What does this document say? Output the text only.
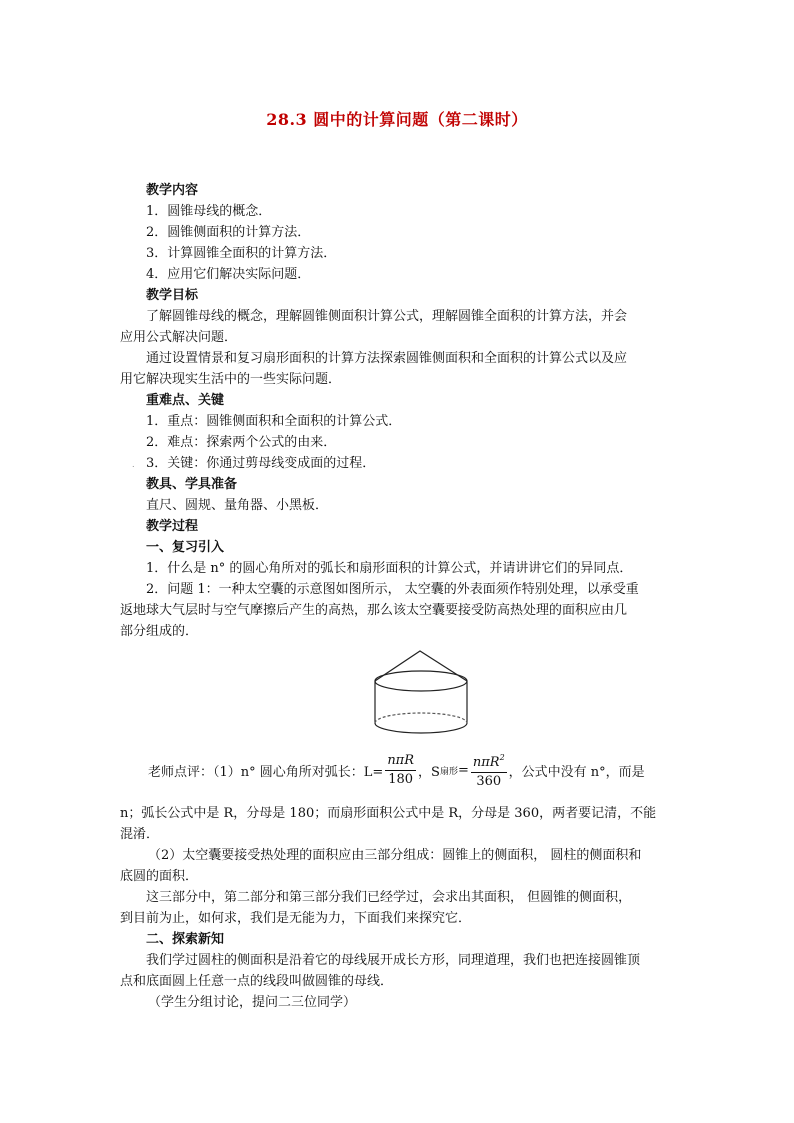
28.3 圆中的计算问题（第二课时）
教学内容
1．圆锥母线的概念．
2．圆锥侧面积的计算方法．
3．计算圆锥全面积的计算方法．
4．应用它们解决实际问题．
教学目标
了解圆锥母线的概念，理解圆锥侧面积计算公式，理解圆锥全面积的计算方法，并会
应用公式解决问题．
通过设置情景和复习扇形面积的计算方法探索圆锥侧面积和全面积的计算公式以及应
用它解决现实生活中的一些实际问题．
重难点、关键
1．重点：圆锥侧面积和全面积的计算公式．
2．难点：探索两个公式的由来．
3．关键：你通过剪母线变成面的过程．
教具、学具准备
直尺、圆规、量角器、小黑板．
教学过程
一、复习引入
1．什么是 n° 的圆心角所对的弧长和扇形面积的计算公式，并请讲讲它们的异同点．
2．问题 1：一种太空囊的示意图如图所示， 太空囊的外表面须作特别处理，以承受重
返地球大气层时与空气摩擦后产生的高热，那么该太空囊要接受防高热处理的面积应由几
部分组成的．
.
老师点评：（1）n° 圆心角所对弧长：$L= \frac{\text{nπR}}{180}$ ，S 扇形 = $\frac{n\pi R^2}{360}$ ，公式中没有 n°，而是
n；弧长公式中是 R，分母是 180；而扇形面积公式中是 R，分母是 360，两者要记清，不能
混淆．
（2）太空囊要接受热处理的面积应由三部分组成：圆锥上的侧面积， 圆柱的侧面积和
底圆的面积．
这三部分中，第二部分和第三部分我们已经学过，会求出其面积， 但圆锥的侧面积，
到目前为止，如何求，我们是无能为力，下面我们来探究它．
二、探索新知
我们学过圆柱的侧面积是沿着它的母线展开成长方形，同理道理，我们也把连接圆锥顶
点和底面圆上任意一点的线段叫做圆锥的母线．
（学生分组讨论，提问二三位同学）
